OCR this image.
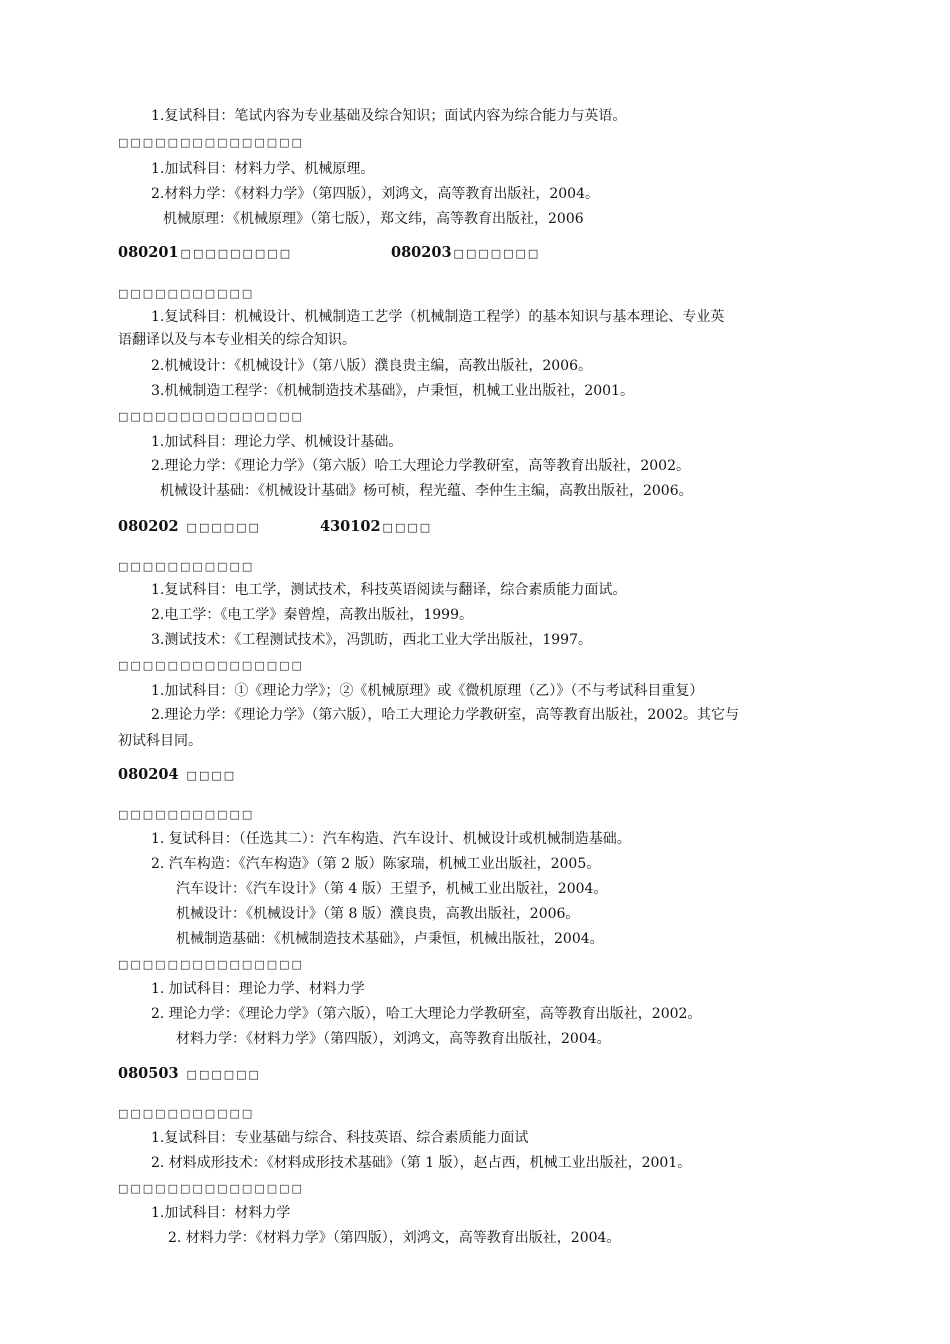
1.复试科目：笔试内容为专业基础及综合知识；面试内容为综合能力与英语。
□□□□□□□□□□□□□□□
1.加试科目：材料力学、机械原理。
2.材料力学：《材料力学》（第四版），刘鸿文，高等教育出版社，2004。
机械原理：《机械原理》（第七版），郑文纬，高等教育出版社，2006
080201 □□□□□□□□□	080203 □□□□□□□
□□□□□□□□□□□
1.复试科目：机械设计、机械制造工艺学（机械制造工程学）的基本知识与基本理论、专业英
语翻译以及与本专业相关的综合知识。
2.机械设计：《机械设计》（第八版）濮良贵主编，高教出版社，2006。
3.机械制造工程学：《机械制造技术基础》，卢秉恒，机械工业出版社，2001。
□□□□□□□□□□□□□□□
1.加试科目：理论力学、机械设计基础。
2.理论力学：《理论力学》（第六版）哈工大理论力学教研室，高等教育出版社，2002。
机械设计基础：《机械设计基础》杨可桢，程光蕴、李仲生主编，高教出版社，2006。
080202 □□□□□□	430102 □□□□
□□□□□□□□□□□
1.复试科目：电工学，测试技术，科技英语阅读与翻译，综合素质能力面试。
2.电工学：《电工学》秦曾煌，高教出版社，1999。
3.测试技术：《工程测试技术》，冯凯昉，西北工业大学出版社，1997。
□□□□□□□□□□□□□□□
1.加试科目：①《理论力学》；②《机械原理》或《微机原理（乙）》（不与考试科目重复）
2.理论力学：《理论力学》（第六版），哈工大理论力学教研室，高等教育出版社，2002。其它与
初试科目同。
080204 □□□□
□□□□□□□□□□□
1. 复试科目：（任选其二）：汽车构造、汽车设计、机械设计或机械制造基础。
2. 汽车构造：《汽车构造》（第 2 版）陈家瑞，机械工业出版社，2005。
汽车设计：《汽车设计》（第 4 版）王望予，机械工业出版社，2004。
机械设计：《机械设计》（第 8 版）濮良贵，高教出版社，2006。
机械制造基础：《机械制造技术基础》，卢秉恒，机械出版社，2004。
□□□□□□□□□□□□□□□
1. 加试科目：理论力学、材料力学
2. 理论力学：《理论力学》（第六版），哈工大理论力学教研室，高等教育出版社，2002。
材料力学：《材料力学》（第四版），刘鸿文，高等教育出版社，2004。
080503 □□□□□□
□□□□□□□□□□□
1.复试科目：专业基础与综合、科技英语、综合素质能力面试
2. 材料成形技术：《材料成形技术基础》（第 1 版），赵占西，机械工业出版社，2001。
□□□□□□□□□□□□□□□
1.加试科目：材料力学
2. 材料力学：《材料力学》（第四版），刘鸿文，高等教育出版社，2004。
